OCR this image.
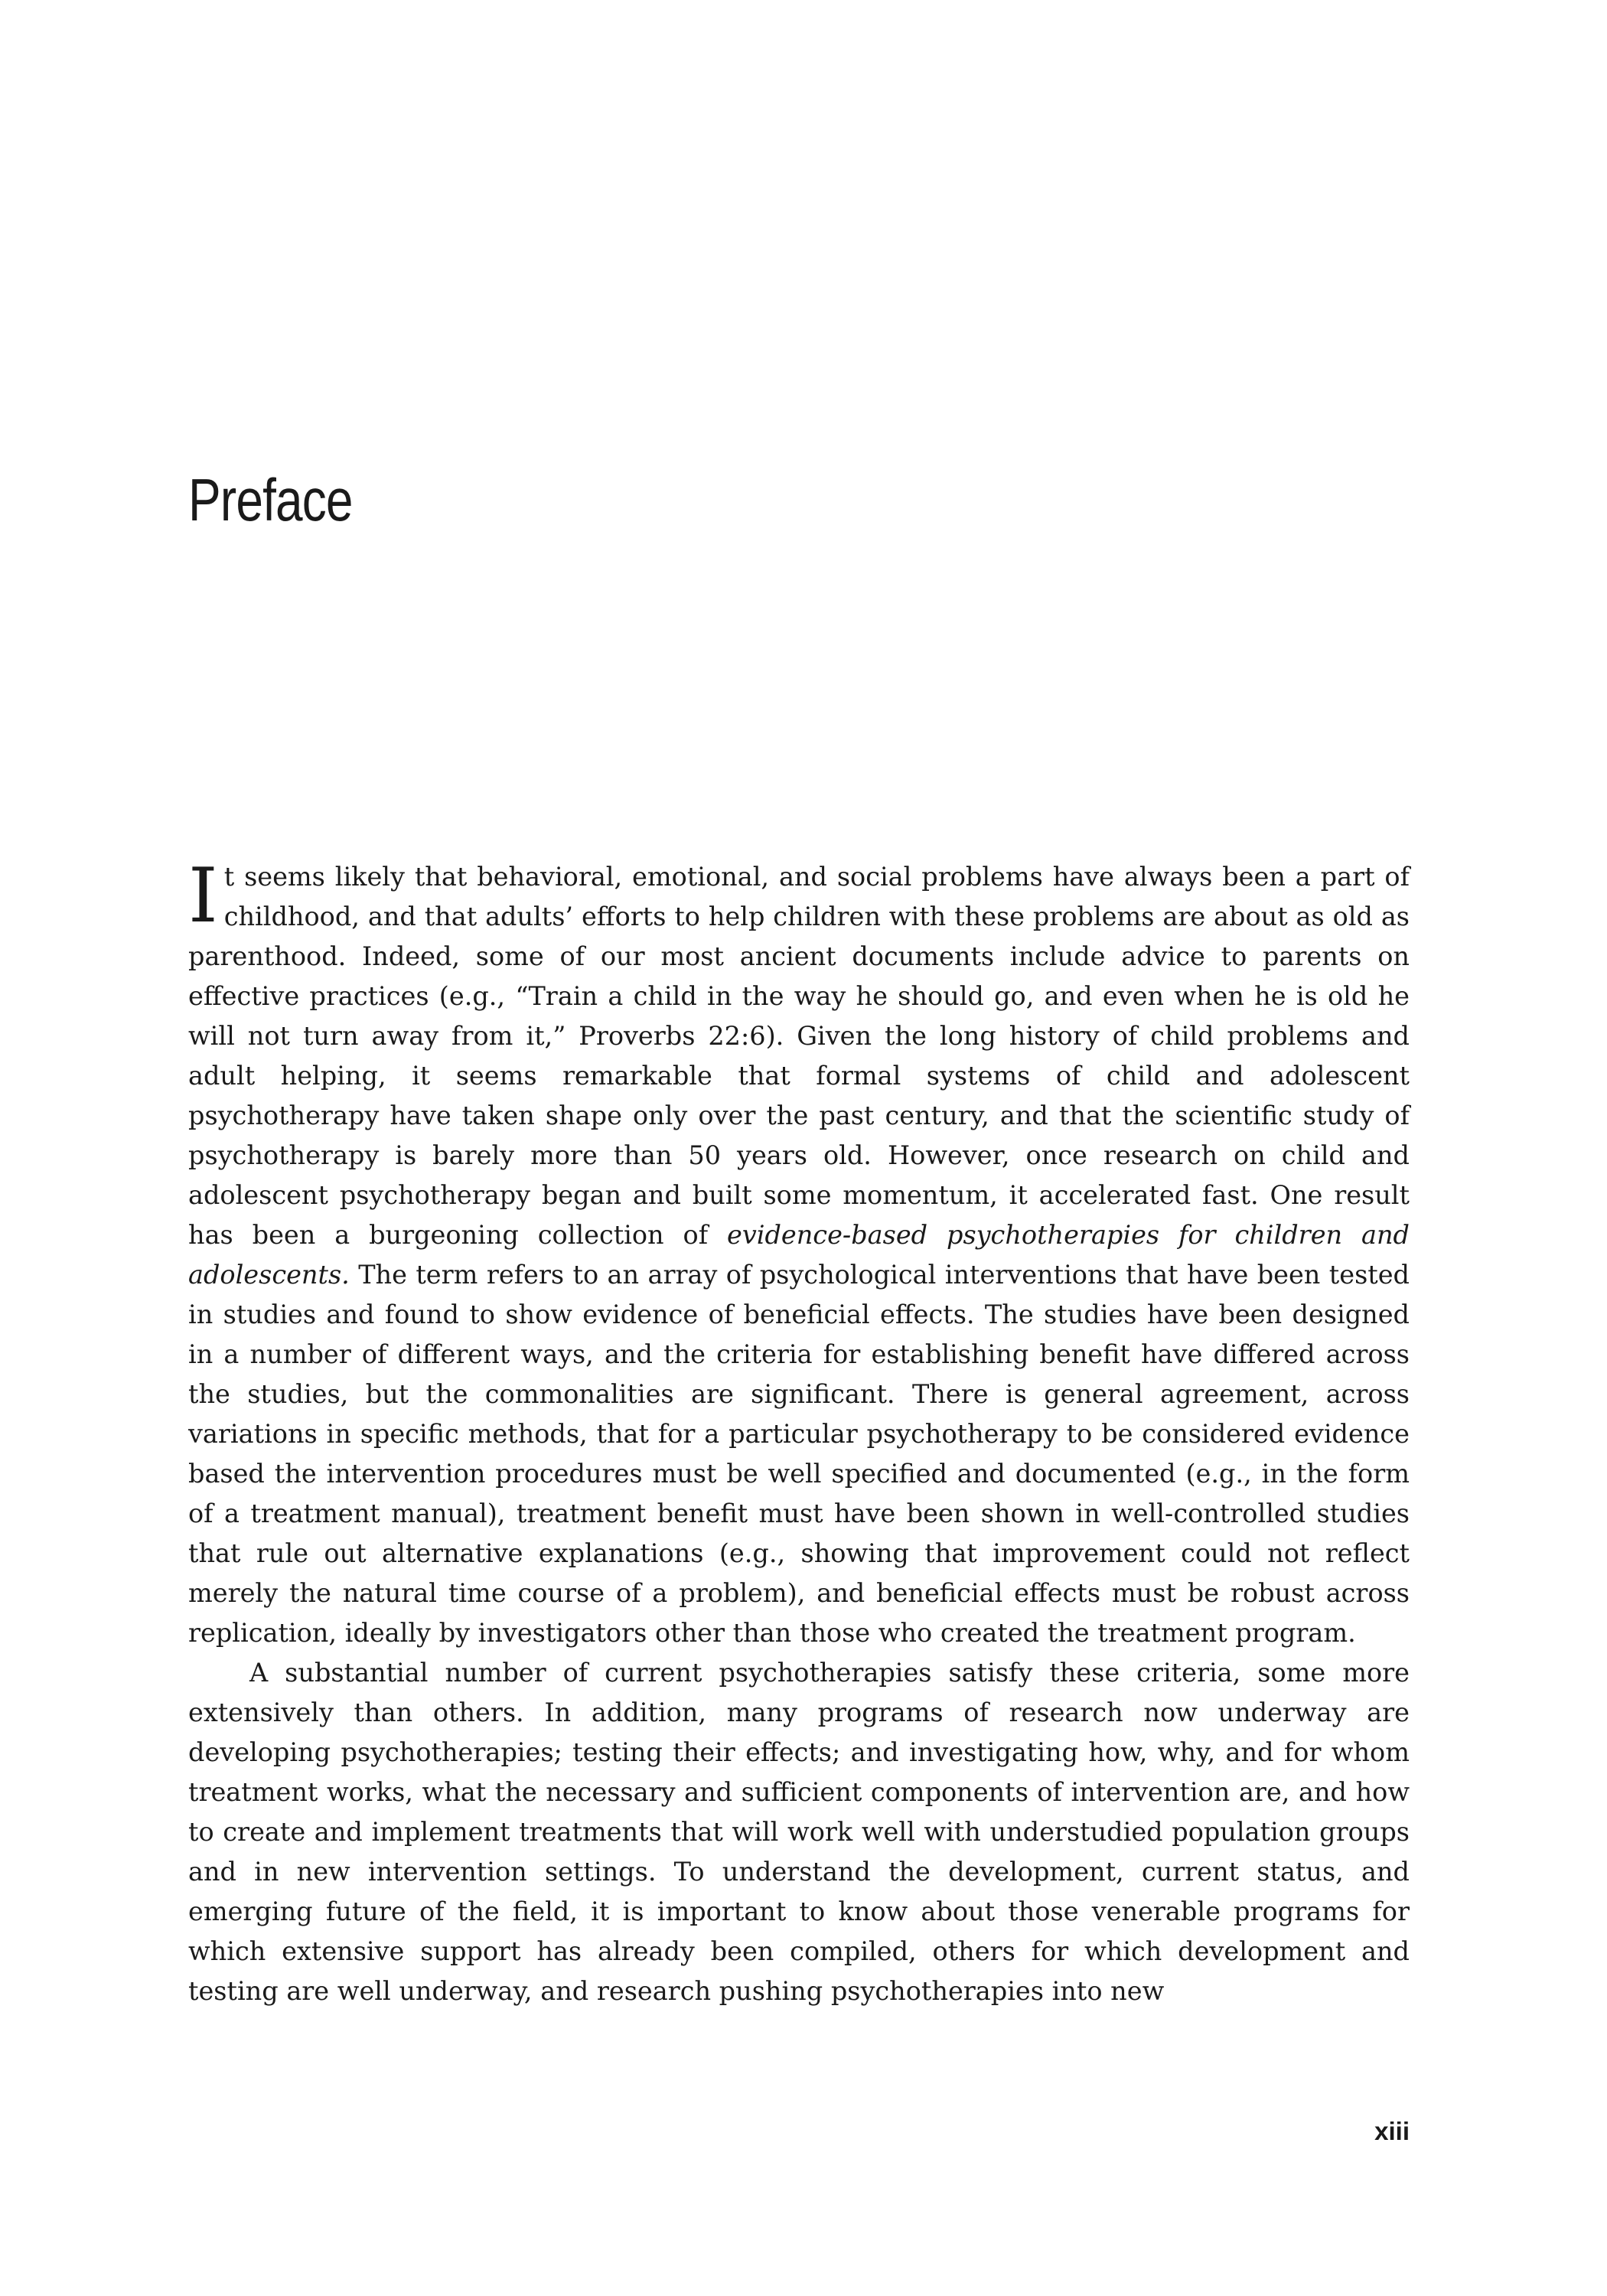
Preface

It seems likely that behavioral, emotional, and social problems have always been a part of childhood, and that adults’ efforts to help children with these problems are about as old as parenthood. Indeed, some of our most ancient documents include advice to parents on effective practices (e.g., “Train a child in the way he should go, and even when he is old he will not turn away from it,” Proverbs 22:6). Given the long history of child problems and adult helping, it seems remarkable that formal systems of child and adolescent psychotherapy have taken shape only over the past century, and that the scientific study of psychotherapy is barely more than 50 years old. However, once research on child and adolescent psychotherapy began and built some momentum, it accelerated fast. One result has been a burgeoning collection of evidence-based psychotherapies for children and adolescents. The term refers to an array of psychological interventions that have been tested in studies and found to show evidence of beneficial effects. The studies have been designed in a number of different ways, and the criteria for establishing benefit have differed across the studies, but the commonalities are significant. There is general agreement, across variations in specific methods, that for a particular psychotherapy to be considered evidence based the intervention procedures must be well specified and documented (e.g., in the form of a treatment manual), treatment benefit must have been shown in well-controlled studies that rule out alternative explanations (e.g., showing that improvement could not reflect merely the natural time course of a problem), and beneficial effects must be robust across replication, ideally by investigators other than those who created the treatment program.

A substantial number of current psychotherapies satisfy these criteria, some more extensively than others. In addition, many programs of research now underway are developing psychotherapies; testing their effects; and investigating how, why, and for whom treatment works, what the necessary and sufficient components of intervention are, and how to create and implement treatments that will work well with understudied population groups and in new intervention settings. To understand the development, current status, and emerging future of the field, it is important to know about those venerable programs for which extensive support has already been compiled, others for which development and testing are well underway, and research pushing psychotherapies into new

xiii
